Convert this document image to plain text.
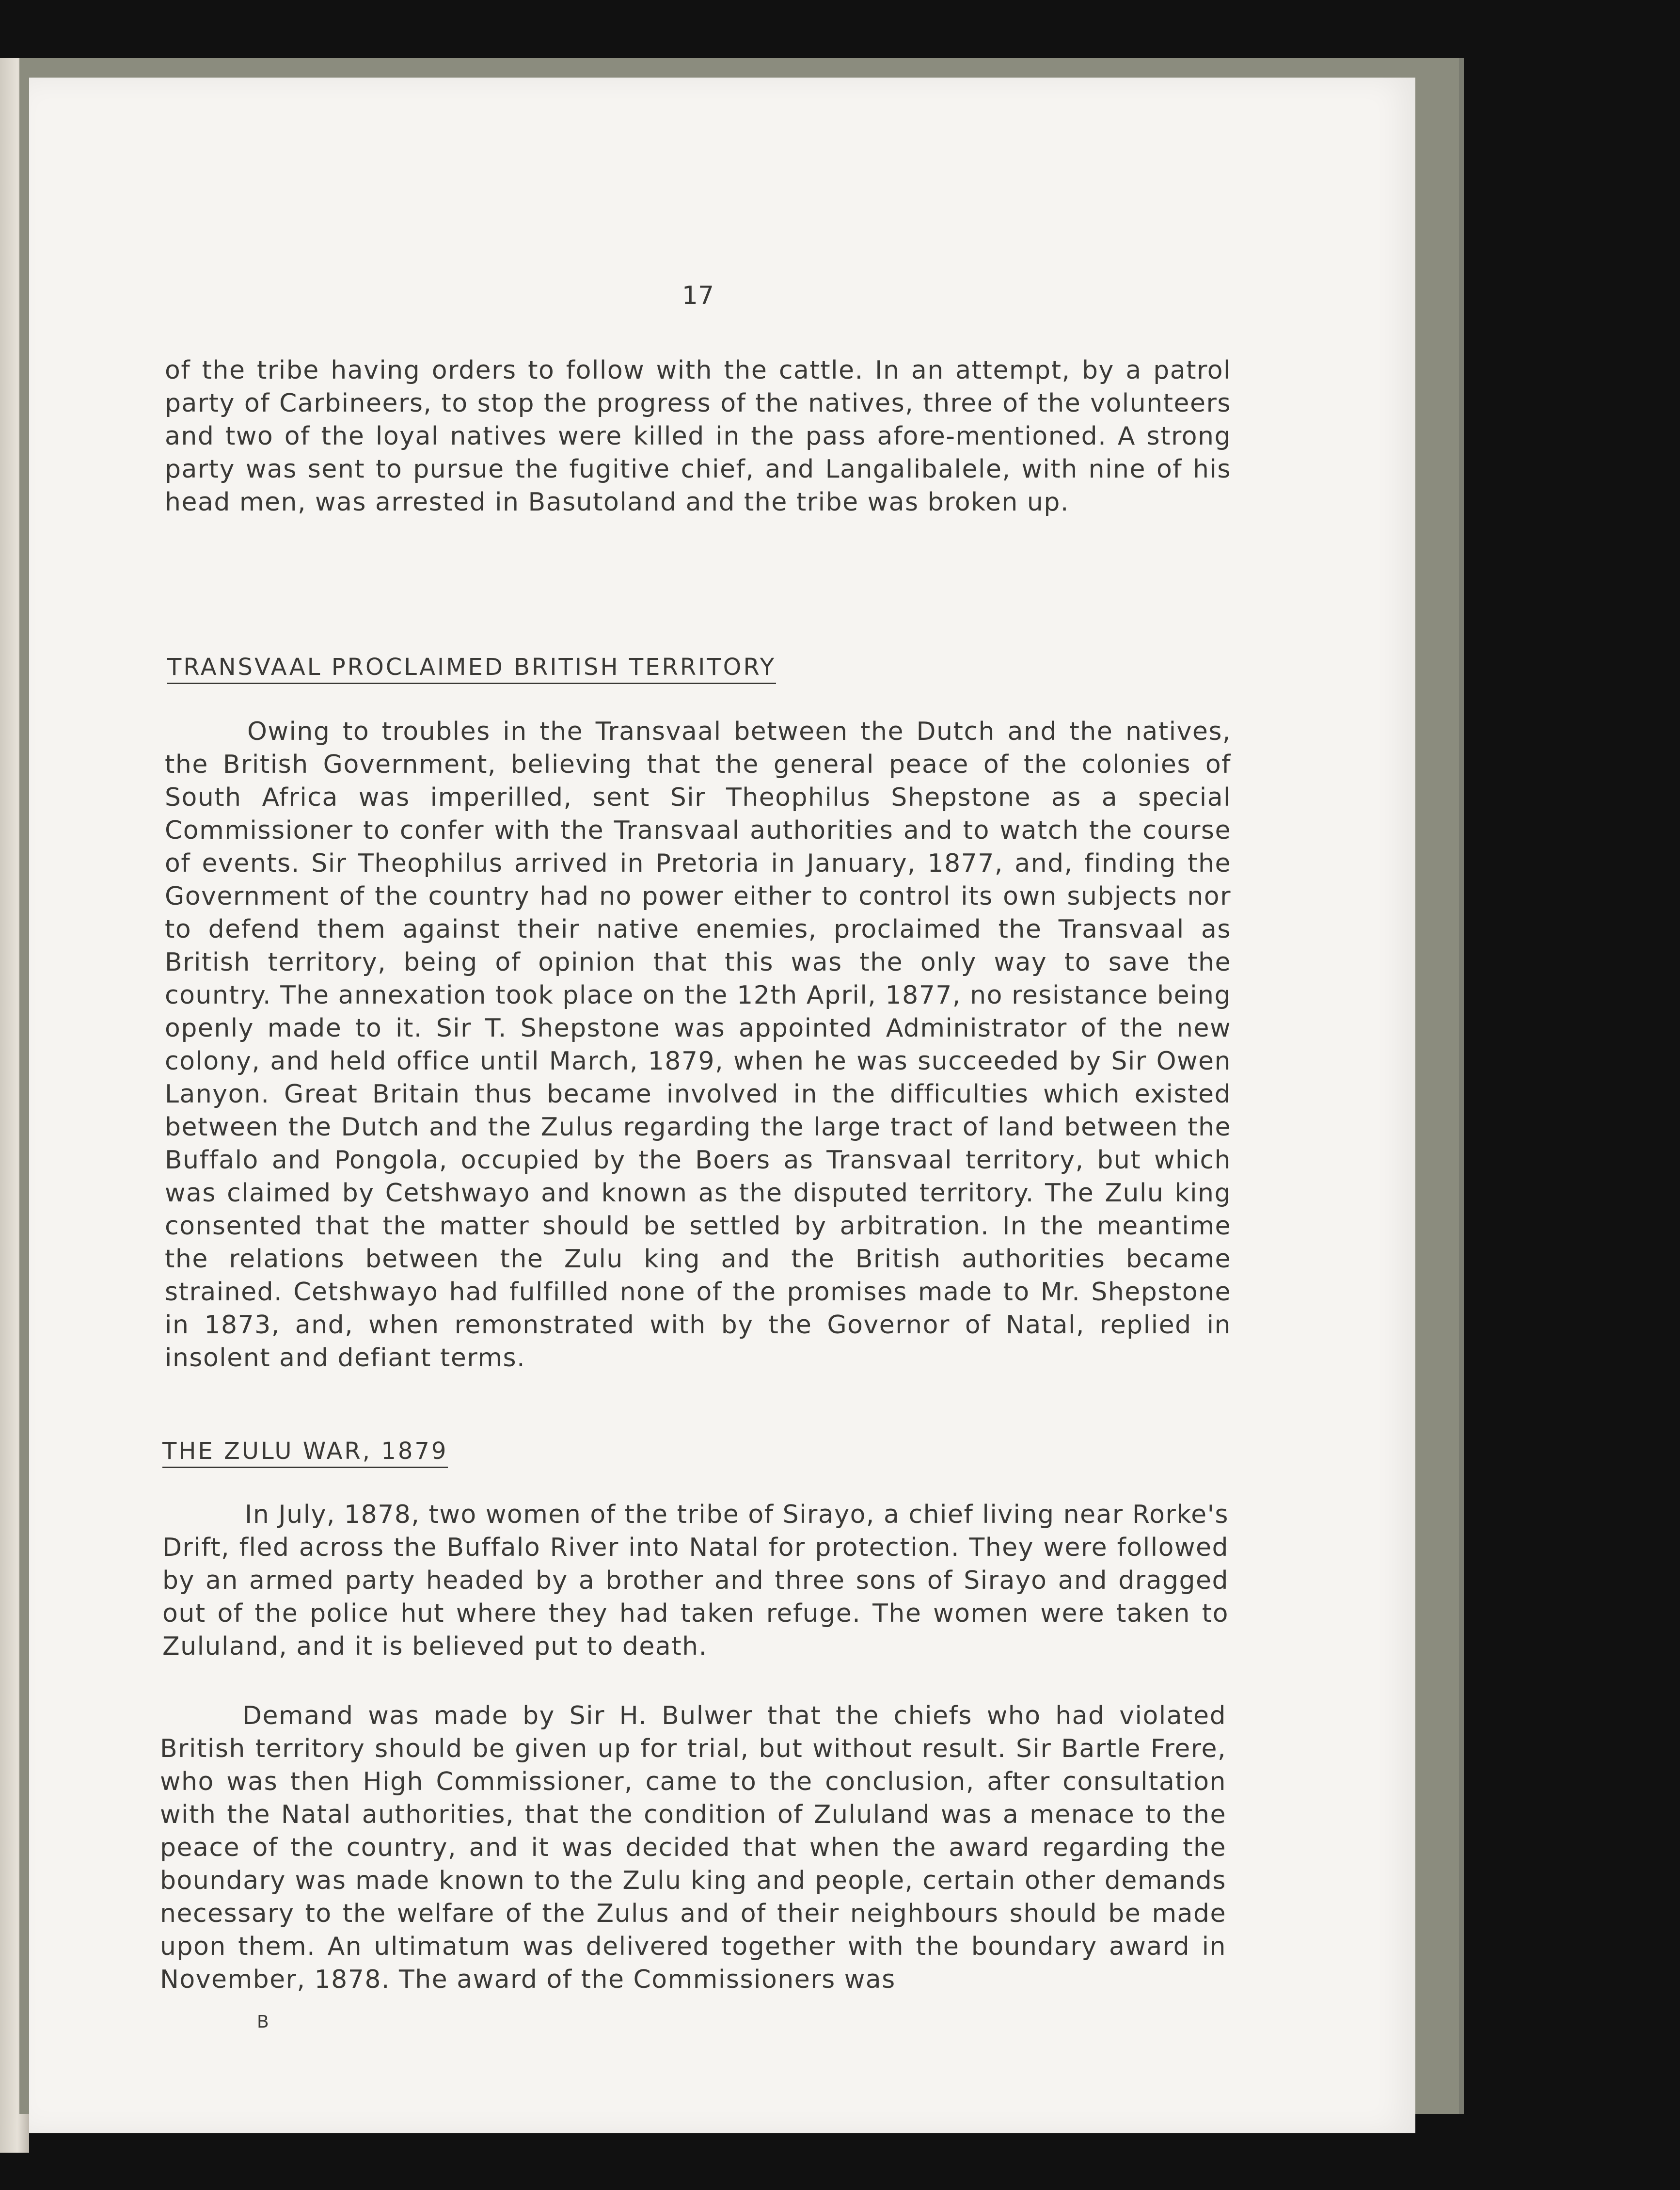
17

of the tribe having orders to follow with the cattle. In an attempt, by a patrol party of Carbineers, to stop the progress of the natives, three of the volunteers and two of the loyal natives were killed in the pass afore-mentioned. A strong party was sent to pursue the fugitive chief, and Langalibalele, with nine of his head men, was arrested in Basutoland and the tribe was broken up.

TRANSVAAL PROCLAIMED BRITISH TERRITORY

Owing to troubles in the Transvaal between the Dutch and the natives, the British Government, believing that the general peace of the colonies of South Africa was imperilled, sent Sir Theophilus Shepstone as a special Commissioner to confer with the Transvaal authorities and to watch the course of events. Sir Theophilus arrived in Pretoria in January, 1877, and, finding the Government of the country had no power either to control its own subjects nor to defend them against their native enemies, proclaimed the Transvaal as British territory, being of opinion that this was the only way to save the country. The annexation took place on the 12th April, 1877, no resistance being openly made to it. Sir T. Shepstone was appointed Administrator of the new colony, and held office until March, 1879, when he was succeeded by Sir Owen Lanyon. Great Britain thus became involved in the difficulties which existed between the Dutch and the Zulus regarding the large tract of land between the Buffalo and Pongola, occupied by the Boers as Transvaal territory, but which was claimed by Cetshwayo and known as the disputed territory. The Zulu king consented that the matter should be settled by arbitration. In the meantime the relations between the Zulu king and the British authorities became strained. Cetshwayo had fulfilled none of the promises made to Mr. Shepstone in 1873, and, when remonstrated with by the Governor of Natal, replied in insolent and defiant terms.

THE ZULU WAR, 1879

In July, 1878, two women of the tribe of Sirayo, a chief living near Rorke's Drift, fled across the Buffalo River into Natal for protection. They were followed by an armed party headed by a brother and three sons of Sirayo and dragged out of the police hut where they had taken refuge. The women were taken to Zululand, and it is believed put to death.

Demand was made by Sir H. Bulwer that the chiefs who had violated British territory should be given up for trial, but without result. Sir Bartle Frere, who was then High Commissioner, came to the conclusion, after consultation with the Natal authorities, that the condition of Zululand was a menace to the peace of the country, and it was decided that when the award regarding the boundary was made known to the Zulu king and people, certain other demands necessary to the welfare of the Zulus and of their neighbours should be made upon them. An ultimatum was delivered together with the boundary award in November, 1878. The award of the Commissioners was

B
